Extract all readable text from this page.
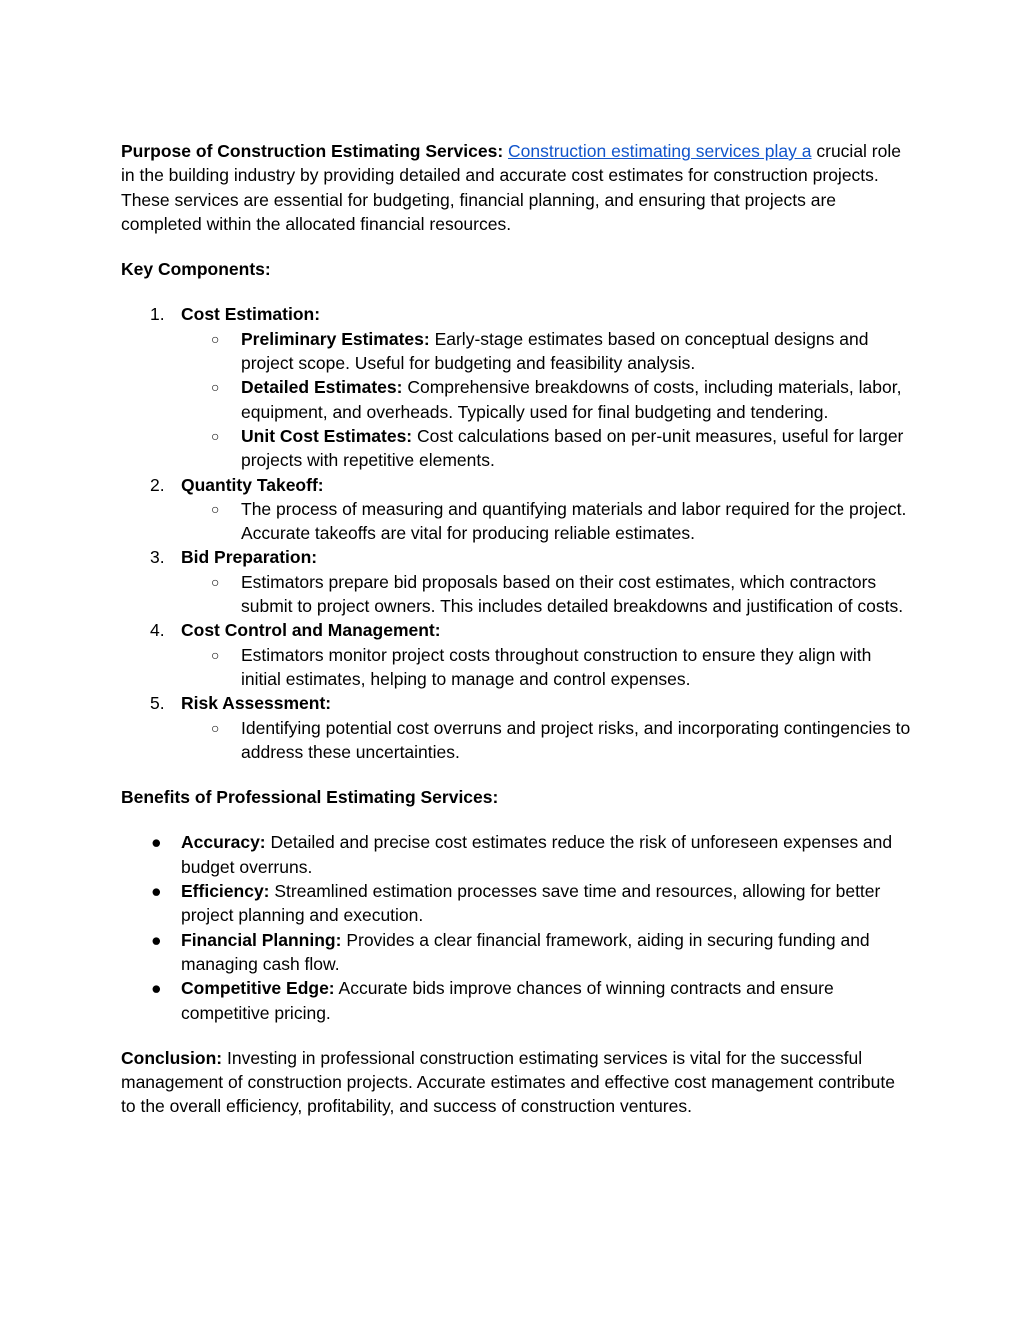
Purpose of Construction Estimating Services: Construction estimating services play a crucial role in the building industry by providing detailed and accurate cost estimates for construction projects. These services are essential for budgeting, financial planning, and ensuring that projects are completed within the allocated financial resources.

Key Components:

1. Cost Estimation:
○ Preliminary Estimates: Early-stage estimates based on conceptual designs and project scope. Useful for budgeting and feasibility analysis.
○ Detailed Estimates: Comprehensive breakdowns of costs, including materials, labor, equipment, and overheads. Typically used for final budgeting and tendering.
○ Unit Cost Estimates: Cost calculations based on per-unit measures, useful for larger projects with repetitive elements.
2. Quantity Takeoff:
○ The process of measuring and quantifying materials and labor required for the project. Accurate takeoffs are vital for producing reliable estimates.
3. Bid Preparation:
○ Estimators prepare bid proposals based on their cost estimates, which contractors submit to project owners. This includes detailed breakdowns and justification of costs.
4. Cost Control and Management:
○ Estimators monitor project costs throughout construction to ensure they align with initial estimates, helping to manage and control expenses.
5. Risk Assessment:
○ Identifying potential cost overruns and project risks, and incorporating contingencies to address these uncertainties.

Benefits of Professional Estimating Services:

● Accuracy: Detailed and precise cost estimates reduce the risk of unforeseen expenses and budget overruns.
● Efficiency: Streamlined estimation processes save time and resources, allowing for better project planning and execution.
● Financial Planning: Provides a clear financial framework, aiding in securing funding and managing cash flow.
● Competitive Edge: Accurate bids improve chances of winning contracts and ensure competitive pricing.

Conclusion: Investing in professional construction estimating services is vital for the successful management of construction projects. Accurate estimates and effective cost management contribute to the overall efficiency, profitability, and success of construction ventures.
